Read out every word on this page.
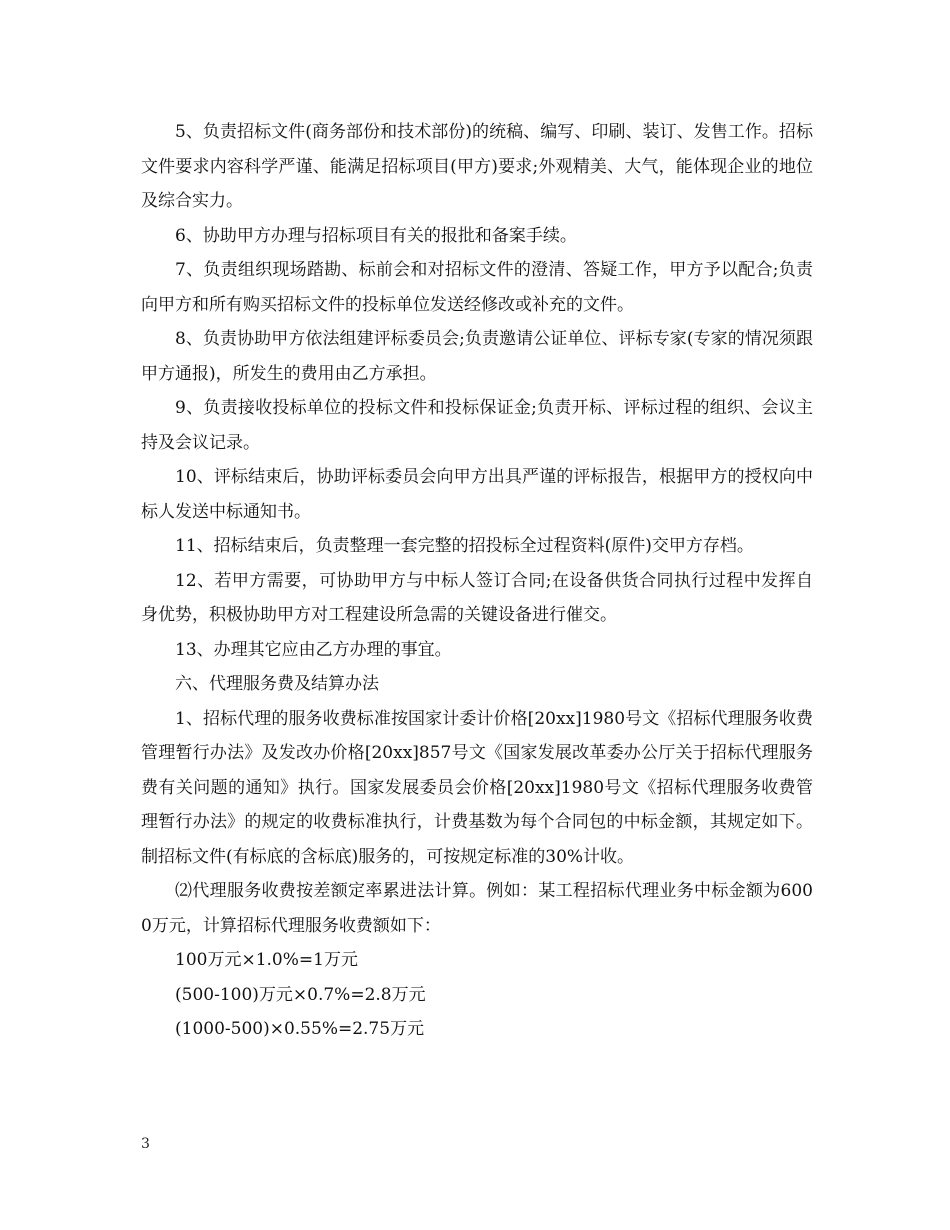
5、负责招标文件(商务部份和技术部份)的统稿、编写、印刷、装订、发售工作。招标文件要求内容科学严谨、能满足招标项目(甲方)要求;外观精美、大气，能体现企业的地位及综合实力。

6、协助甲方办理与招标项目有关的报批和备案手续。

7、负责组织现场踏勘、标前会和对招标文件的澄清、答疑工作，甲方予以配合;负责向甲方和所有购买招标文件的投标单位发送经修改或补充的文件。

8、负责协助甲方依法组建评标委员会;负责邀请公证单位、评标专家(专家的情况须跟甲方通报)，所发生的费用由乙方承担。

9、负责接收投标单位的投标文件和投标保证金;负责开标、评标过程的组织、会议主持及会议记录。

10、评标结束后，协助评标委员会向甲方出具严谨的评标报告，根据甲方的授权向中标人发送中标通知书。

11、招标结束后，负责整理一套完整的招投标全过程资料(原件)交甲方存档。

12、若甲方需要，可协助甲方与中标人签订合同;在设备供货合同执行过程中发挥自身优势，积极协助甲方对工程建设所急需的关键设备进行催交。

13、办理其它应由乙方办理的事宜。

六、代理服务费及结算办法

1、招标代理的服务收费标准按国家计委计价格[20xx]1980号文《招标代理服务收费管理暂行办法》及发改办价格[20xx]857号文《国家发展改革委办公厅关于招标代理服务费有关问题的通知》执行。国家发展委员会价格[20xx]1980号文《招标代理服务收费管理暂行办法》的规定的收费标准执行，计费基数为每个合同包的中标金额，其规定如下。制招标文件(有标底的含标底)服务的，可按规定标准的30%计收。

⑵代理服务收费按差额定率累进法计算。例如：某工程招标代理业务中标金额为6000万元，计算招标代理服务收费额如下：

100万元×1.0%=1万元

(500-100)万元×0.7%=2.8万元

(1000-500)×0.55%=2.75万元

3
